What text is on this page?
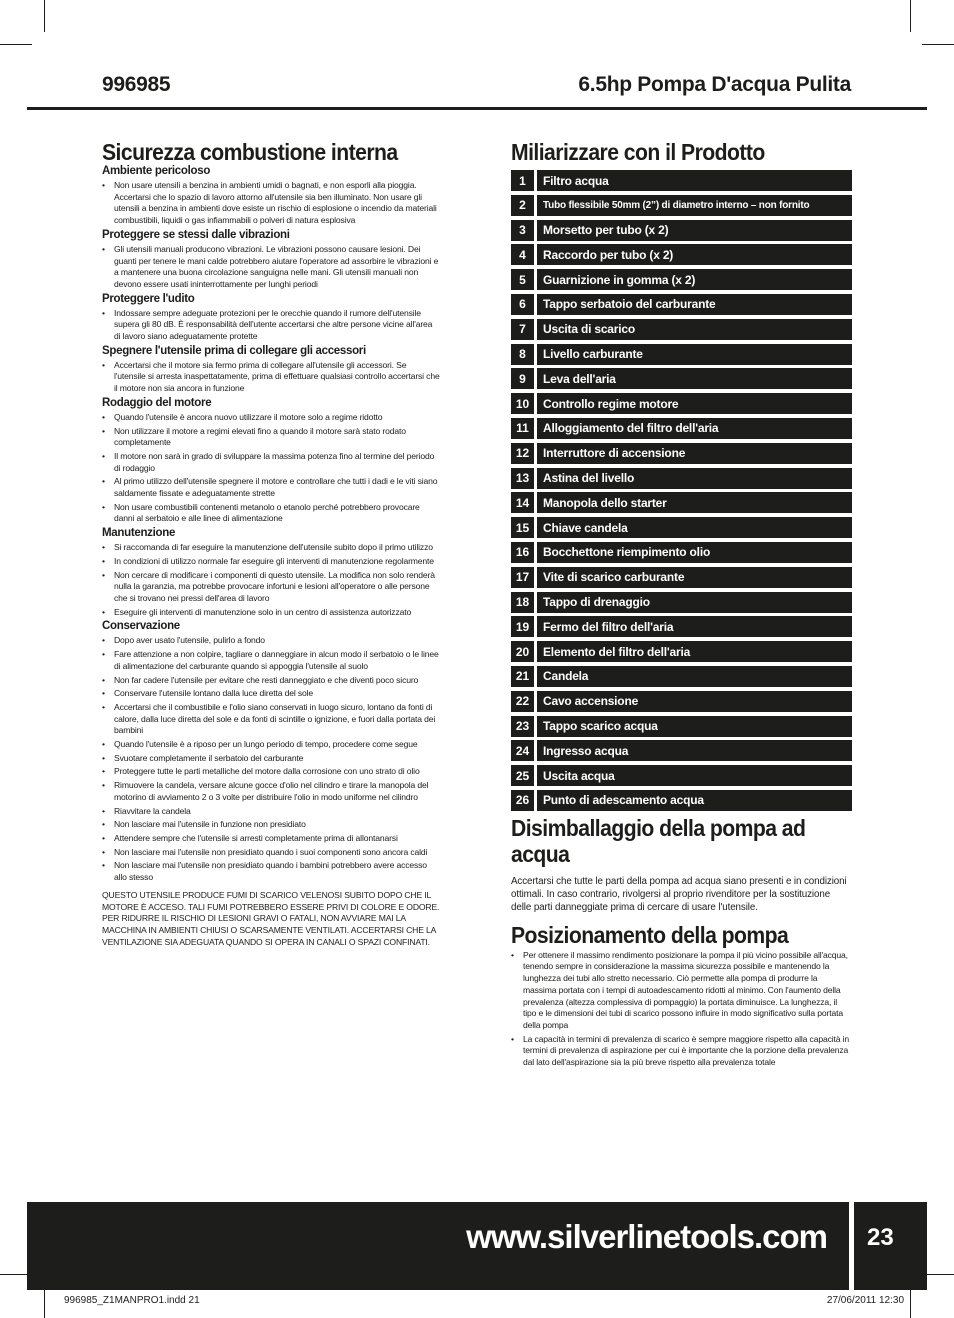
996985	6.5hp Pompa D'acqua Pulita
Sicurezza combustione interna
Ambiente pericoloso
• Non usare utensili a benzina in ambienti umidi o bagnati, e non esporli alla pioggia. Accertarsi che lo spazio di lavoro attorno all'utensile sia ben illuminato. Non usare gli utensili a benzina in ambienti dove esiste un rischio di esplosione o incendio da materiali combustibili, liquidi o gas infiammabili o polveri di natura esplosiva
Proteggere se stessi dalle vibrazioni
• Gli utensili manuali producono vibrazioni. Le vibrazioni possono causare lesioni. Dei guanti per tenere le mani calde potrebbero aiutare l'operatore ad assorbire le vibrazioni e a mantenere una buona circolazione sanguigna nelle mani. Gli utensili manuali non devono essere usati ininterrottamente per lunghi periodi
Proteggere l'udito
• Indossare sempre adeguate protezioni per le orecchie quando il rumore dell'utensile supera gli 80 dB. È responsabilità dell'utente accertarsi che altre persone vicine all'area di lavoro siano adeguatamente protette
Spegnere l'utensile prima di collegare gli accessori
• Accertarsi che il motore sia fermo prima di collegare all'utensile gli accessori. Se l'utensile si arresta inaspettatamente, prima di effettuare qualsiasi controllo accertarsi che il motore non sia ancora in funzione
Rodaggio del motore
• Quando l'utensile è ancora nuovo utilizzare il motore solo a regime ridotto
• Non utilizzare il motore a regimi elevati fino a quando il motore sarà stato rodato completamente
• Il motore non sarà in grado di sviluppare la massima potenza fino al termine del periodo di rodaggio
• Al primo utilizzo dell'utensile spegnere il motore e controllare che tutti i dadi e le viti siano saldamente fissate e adeguatamente strette
• Non usare combustibili contenenti metanolo o etanolo perché potrebbero provocare danni al serbatoio e alle linee di alimentazione
Manutenzione
• Si raccomanda di far eseguire la manutenzione dell'utensile subito dopo il primo utilizzo
• In condizioni di utilizzo normale far eseguire gli interventi di manutenzione regolarmente
• Non cercare di modificare i componenti di questo utensile. La modifica non solo renderà nulla la garanzia, ma potrebbe provocare infortuni e lesioni all'operatore o alle persone che si trovano nei pressi dell'area di lavoro
• Eseguire gli interventi di manutenzione solo in un centro di assistenza autorizzato
Conservazione
• Dopo aver usato l'utensile, pulirlo a fondo
• Fare attenzione a non colpire, tagliare o danneggiare in alcun modo il serbatoio o le linee di alimentazione del carburante quando si appoggia l'utensile al suolo
• Non far cadere l'utensile per evitare che resti danneggiato e che diventi poco sicuro
• Conservare l'utensile lontano dalla luce diretta del sole
• Accertarsi che il combustibile e l'olio siano conservati in luogo sicuro, lontano da fonti di calore, dalla luce diretta del sole e da fonti di scintille o ignizione, e fuori dalla portata dei bambini
• Quando l'utensile è a riposo per un lungo periodo di tempo, procedere come segue
• Svuotare completamente il serbatoio del carburante
• Proteggere tutte le parti metalliche del motore dalla corrosione con uno strato di olio
• Rimuovere la candela, versare alcune gocce d'olio nel cilindro e tirare la manopola del motorino di avviamento 2 o 3 volte per distribuire l'olio in modo uniforme nel cilindro
• Riavvitare la candela
• Non lasciare mai l'utensile in funzione non presidiato
• Attendere sempre che l'utensile si arresti completamente prima di allontanarsi
• Non lasciare mai l'utensile non presidiato quando i suoi componenti sono ancora caldi
• Non lasciare mai l'utensile non presidiato quando i bambini potrebbero avere accesso allo stesso
QUESTO UTENSILE PRODUCE FUMI DI SCARICO VELENOSI SUBITO DOPO CHE IL MOTORE È ACCESO. TALI FUMI POTREBBERO ESSERE PRIVI DI COLORE E ODORE. PER RIDURRE IL RISCHIO DI LESIONI GRAVI O FATALI, NON AVVIARE MAI LA MACCHINA IN AMBIENTI CHIUSI O SCARSAMENTE VENTILATI. ACCERTARSI CHE LA VENTILAZIONE SIA ADEGUATA QUANDO SI OPERA IN CANALI O SPAZI CONFINATI.
Miliarizzare con il Prodotto
1	Filtro acqua
2	Tubo flessibile 50mm (2”) di diametro interno – non fornito
3	Morsetto per tubo (x 2)
4	Raccordo per tubo (x 2)
5	Guarnizione in gomma (x 2)
6	Tappo serbatoio del carburante
7	Uscita di scarico
8	Livello carburante
9	Leva dell'aria
10	Controllo regime motore
11	Alloggiamento del filtro dell'aria
12	Interruttore di accensione
13	Astina del livello
14	Manopola dello starter
15	Chiave candela
16	Bocchettone riempimento olio
17	Vite di scarico carburante
18	Tappo di drenaggio
19	Fermo del filtro dell'aria
20	Elemento del filtro dell'aria
21	Candela
22	Cavo accensione
23	Tappo scarico acqua
24	Ingresso acqua
25	Uscita acqua
26	Punto di adescamento acqua
Disimballaggio della pompa ad acqua

Accertarsi che tutte le parti della pompa ad acqua siano presenti e in condizioni ottimali. In caso contrario, rivolgersi al proprio rivenditore per la sostituzione delle parti danneggiate prima di cercare di usare l'utensile.

Posizionamento della pompa
• Per ottenere il massimo rendimento posizionare la pompa il più vicino possibile all'acqua, tenendo sempre in considerazione la massima sicurezza possibile e mantenendo la lunghezza dei tubi allo stretto necessario. Ciò permette alla pompa di produrre la massima portata con i tempi di autoadescamento ridotti al minimo. Con l'aumento della prevalenza (altezza complessiva di pompaggio) la portata diminuisce. La lunghezza, il tipo e le dimensioni dei tubi di scarico possono influire in modo significativo sulla portata della pompa
• La capacità in termini di prevalenza di scarico è sempre maggiore rispetto alla capacità in termini di prevalenza di aspirazione per cui è importante che la porzione della prevalenza dal lato dell'aspirazione sia la più breve rispetto alla prevalenza totale
www.silverlinetools.com 23
996985_Z1MANPRO1.indd 21	27/06/2011 12:30
